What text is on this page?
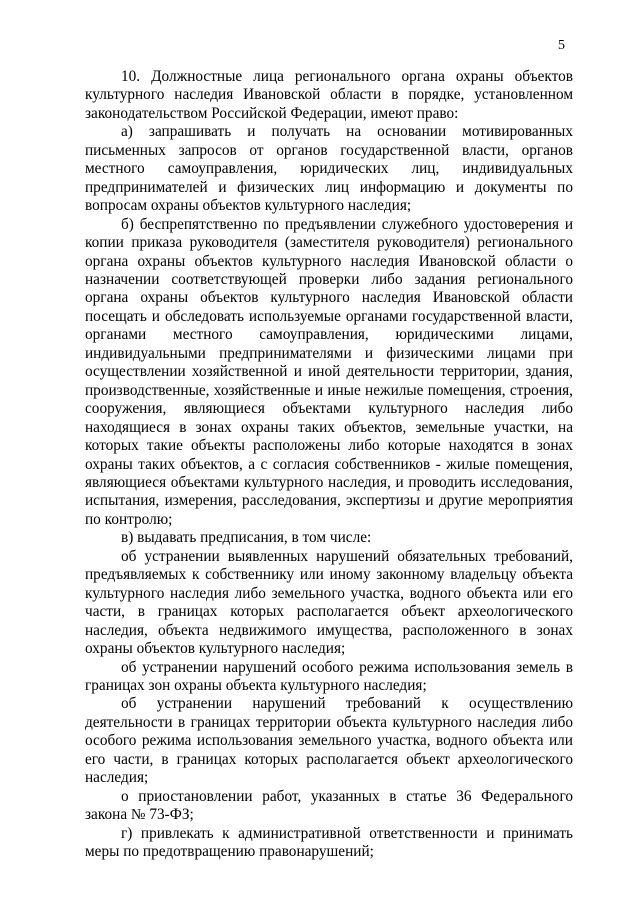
5

10. Должностные лица регионального органа охраны объектов культурного наследия Ивановской области в порядке, установленном законодательством Российской Федерации, имеют право:

а) запрашивать и получать на основании мотивированных письменных запросов от органов государственной власти, органов местного самоуправления, юридических лиц, индивидуальных предпринимателей и физических лиц информацию и документы по вопросам охраны объектов культурного наследия;

б) беспрепятственно по предъявлении служебного удостоверения и копии приказа руководителя (заместителя руководителя) регионального органа охраны объектов культурного наследия Ивановской области о назначении соответствующей проверки либо задания регионального органа охраны объектов культурного наследия Ивановской области посещать и обследовать используемые органами государственной власти, органами местного самоуправления, юридическими лицами, индивидуальными предпринимателями и физическими лицами при осуществлении хозяйственной и иной деятельности территории, здания, производственные, хозяйственные и иные нежилые помещения, строения, сооружения, являющиеся объектами культурного наследия либо находящиеся в зонах охраны таких объектов, земельные участки, на которых такие объекты расположены либо которые находятся в зонах охраны таких объектов, а с согласия собственников - жилые помещения, являющиеся объектами культурного наследия, и проводить исследования, испытания, измерения, расследования, экспертизы и другие мероприятия по контролю;

в) выдавать предписания, в том числе:

об устранении выявленных нарушений обязательных требований, предъявляемых к собственнику или иному законному владельцу объекта культурного наследия либо земельного участка, водного объекта или его части, в границах которых располагается объект археологического наследия, объекта недвижимого имущества, расположенного в зонах охраны объектов культурного наследия;

об устранении нарушений особого режима использования земель в границах зон охраны объекта культурного наследия;

об устранении нарушений требований к осуществлению деятельности в границах территории объекта культурного наследия либо особого режима использования земельного участка, водного объекта или его части, в границах которых располагается объект археологического наследия;

о приостановлении работ, указанных в статье 36 Федерального закона № 73-ФЗ;

г) привлекать к административной ответственности и принимать меры по предотвращению правонарушений;
